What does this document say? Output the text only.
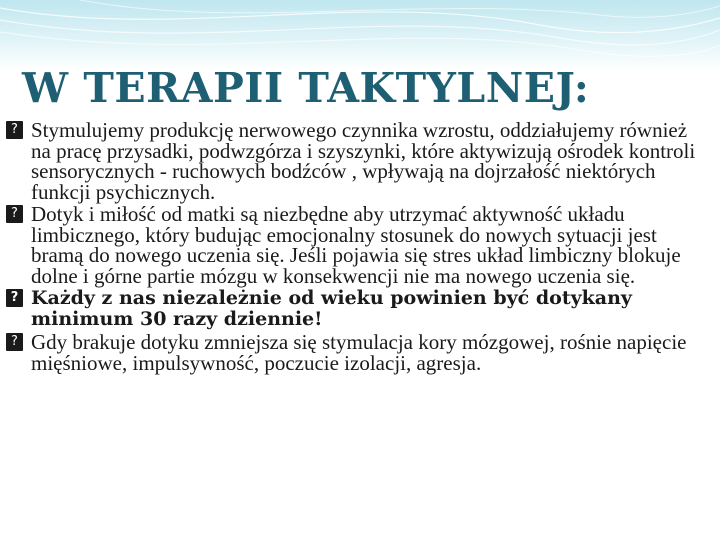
W TERAPII TAKTYLNEJ:

? Stymulujemy produkcję nerwowego czynnika wzrostu, oddziałujemy również na pracę przysadki, podwzgórza i szyszynki, które aktywizują ośrodek kontroli sensorycznych - ruchowych bodźców , wpływają na dojrzałość niektórych funkcji psychicznych.

? Dotyk i miłość od matki są niezbędne aby utrzymać aktywność układu limbicznego, który budując emocjonalny stosunek do nowych sytuacji jest bramą do nowego uczenia się. Jeśli pojawia się stres układ limbiczny blokuje dolne i górne partie mózgu w konsekwencji nie ma nowego uczenia się.

? Każdy z nas niezależnie od wieku powinien być dotykany minimum 30 razy dziennie!

? Gdy brakuje dotyku zmniejsza się stymulacja kory mózgowej, rośnie napięcie mięśniowe, impulsywność, poczucie izolacji, agresja.
